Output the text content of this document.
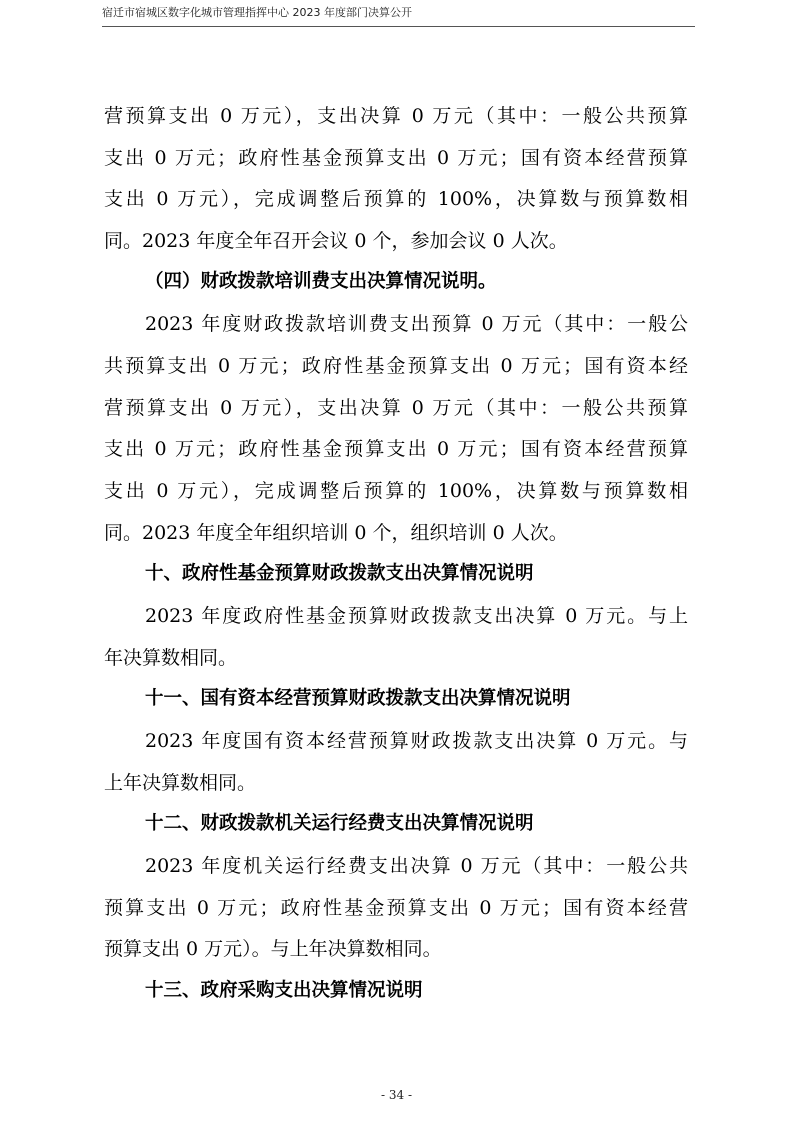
宿迁市宿城区数字化城市管理指挥中心 2023 年度部门决算公开
营预算支出 0 万元），支出决算 0 万元（其中：一般公共预算
支出 0 万元；政府性基金预算支出 0 万元；国有资本经营预算
支出 0 万元），完成调整后预算的 100%，决算数与预算数相
同。2023 年度全年召开会议 0 个，参加会议 0 人次。
（四）财政拨款培训费支出决算情况说明。
2023 年度财政拨款培训费支出预算 0 万元（其中：一般公
共预算支出 0 万元；政府性基金预算支出 0 万元；国有资本经
营预算支出 0 万元），支出决算 0 万元（其中：一般公共预算
支出 0 万元；政府性基金预算支出 0 万元；国有资本经营预算
支出 0 万元），完成调整后预算的 100%，决算数与预算数相
同。2023 年度全年组织培训 0 个，组织培训 0 人次。
十、政府性基金预算财政拨款支出决算情况说明
2023 年度政府性基金预算财政拨款支出决算 0 万元。与上
年决算数相同。
十一、国有资本经营预算财政拨款支出决算情况说明
2023 年度国有资本经营预算财政拨款支出决算 0 万元。与
上年决算数相同。
十二、财政拨款机关运行经费支出决算情况说明
2023 年度机关运行经费支出决算 0 万元（其中：一般公共
预算支出 0 万元；政府性基金预算支出 0 万元；国有资本经营
预算支出 0 万元）。与上年决算数相同。
十三、政府采购支出决算情况说明
- 34 -
